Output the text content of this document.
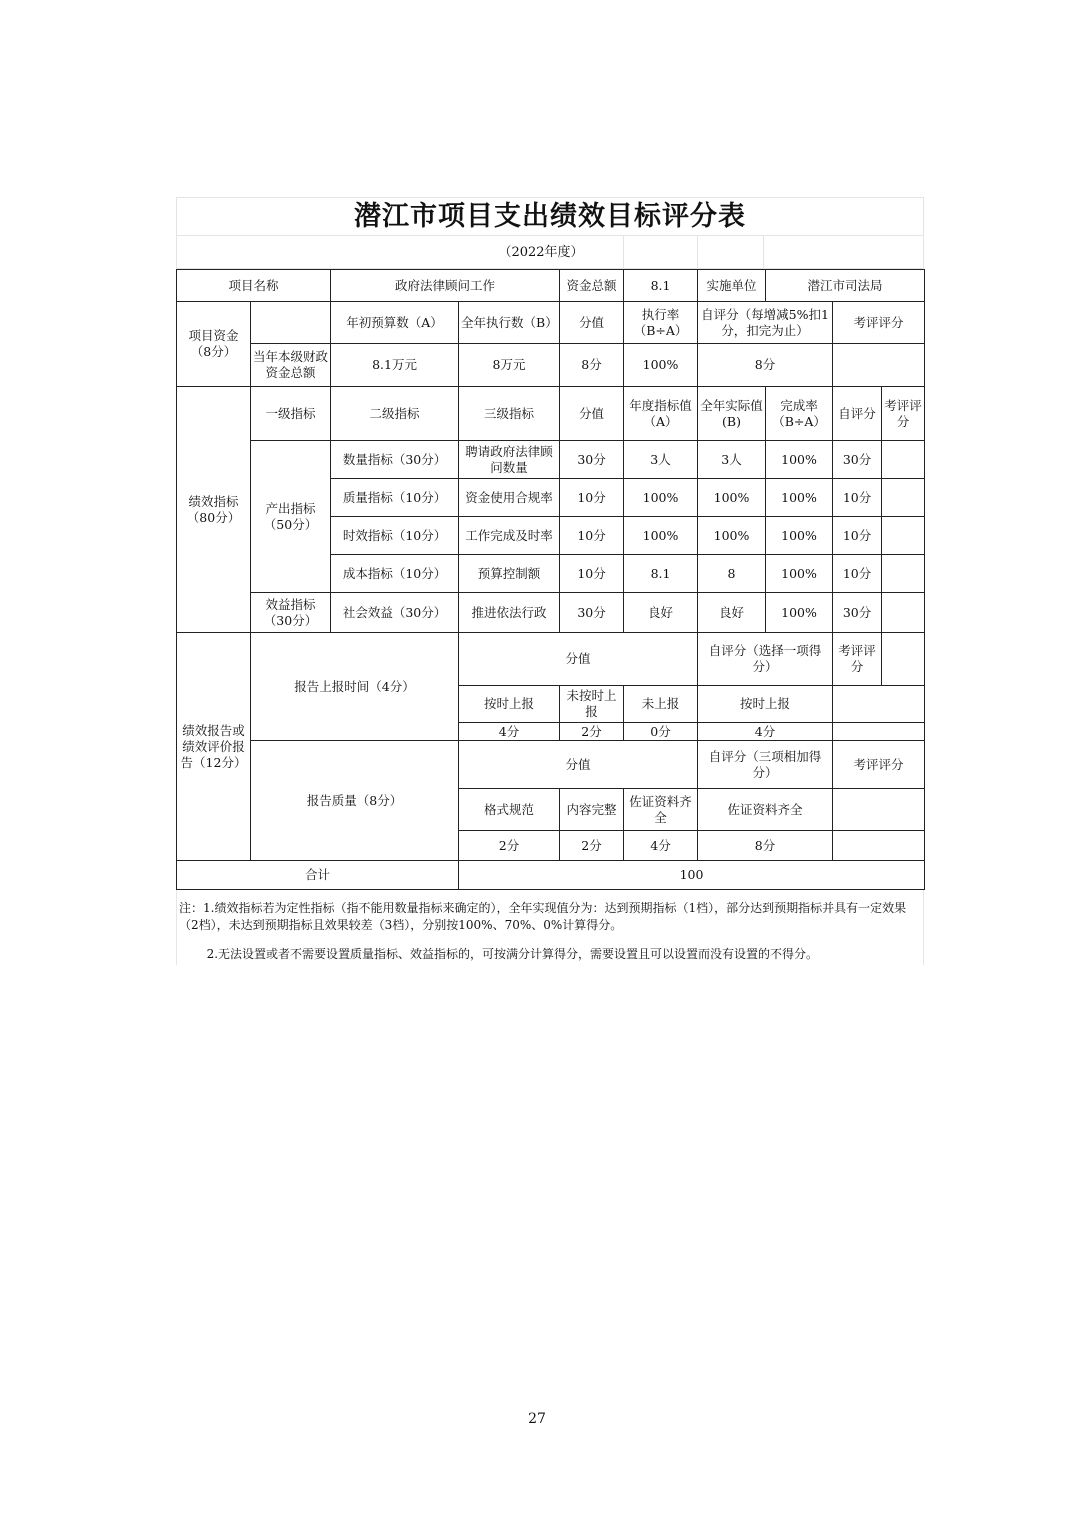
潜江市项目支出绩效目标评分表
（2022年度）
项目名称		政府法律顾问工作		资金总额	8.1	实施单位	潜江市司法局		
项目资金（8分）		年初预算数（A）	全年执行数（B）	分值	执行率（B÷A）	自评分（每增减5%扣1分，扣完为止）		考评评分	
	当年本级财政资金总额	8.1万元	8万元	8分	100%	8分			
绩效指标（80分）	一级指标	二级指标	三级指标	分值	年度指标值（A）	全年实际值(B)	完成率（B÷A）	自评分	考评评分
	产出指标（50分）	数量指标（30分）	聘请政府法律顾问数量	30分	3人	3人	100%	30分	
		质量指标（10分）	资金使用合规率	10分	100%	100%	100%	10分	
		时效指标（10分）	工作完成及时率	10分	100%	100%	100%	10分	
		成本指标（10分）	预算控制额	10分	8.1	8	100%	10分	
	效益指标（30分）	社会效益（30分）	推进依法行政	30分	良好	良好	100%	30分	
绩效报告或绩效评价报告（12分）	报告上报时间（4分）		分值			自评分（选择一项得分）		考评评分	
			按时上报	未按时上报	未上报	按时上报			
			4分	2分	0分	4分			
	报告质量（8分）		分值			自评分（三项相加得分）		考评评分	
			格式规范	内容完整	佐证资料齐全	佐证资料齐全			
			2分	2分	4分	8分			
合计			100						

注：1.绩效指标若为定性指标（指不能用数量指标来确定的），全年实现值分为：达到预期指标（1档），部分达到预期指标并具有一定效果（2档），未达到预期指标且效果较差（3档），分别按100%、70%、0%计算得分。

2.无法设置或者不需要设置质量指标、效益指标的，可按满分计算得分，需要设置且可以设置而没有设置的不得分。

27
